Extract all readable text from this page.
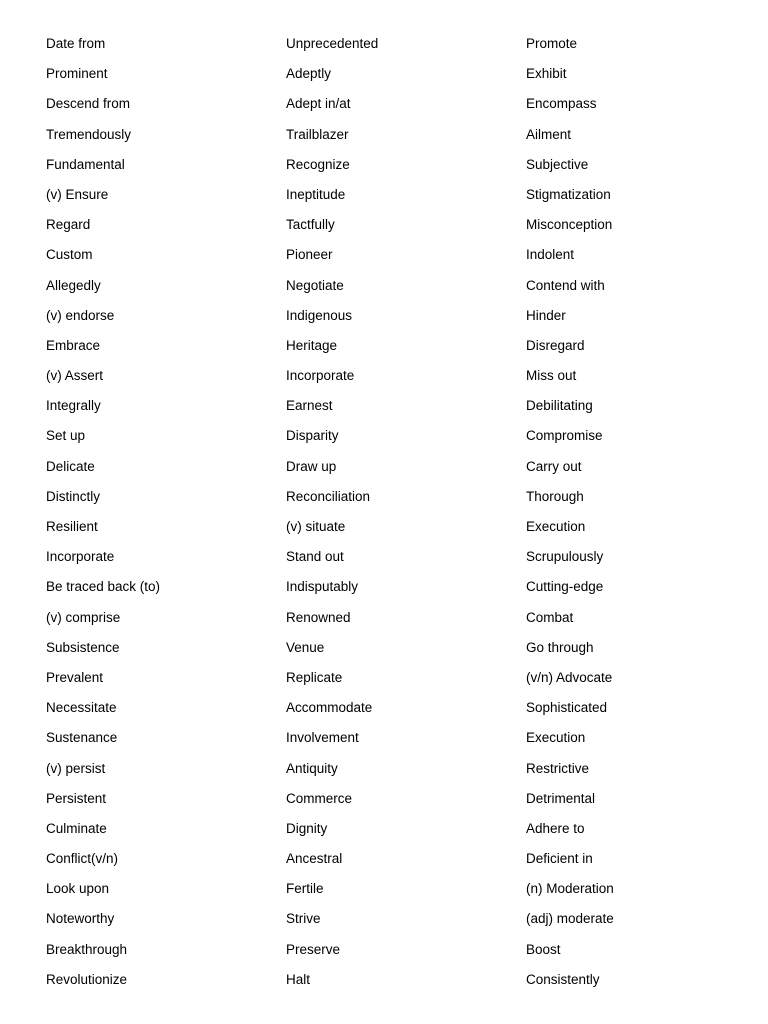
Date from
Prominent
Descend from
Tremendously
Fundamental
(v) Ensure
Regard
Custom
Allegedly
(v) endorse
Embrace
(v) Assert
Integrally
Set up
Delicate
Distinctly
Resilient
Incorporate
Be traced back (to)
(v) comprise
Subsistence
Prevalent
Necessitate
Sustenance
(v) persist
Persistent
Culminate
Conflict(v/n)
Look upon
Noteworthy
Breakthrough
Revolutionize
Unprecedented
Adeptly
Adept in/at
Trailblazer
Recognize
Ineptitude
Tactfully
Pioneer
Negotiate
Indigenous
Heritage
Incorporate
Earnest
Disparity
Draw up
Reconciliation
(v) situate
Stand out
Indisputably
Renowned
Venue
Replicate
Accommodate
Involvement
Antiquity
Commerce
Dignity
Ancestral
Fertile
Strive
Preserve
Halt
Promote
Exhibit
Encompass
Ailment
Subjective
Stigmatization
Misconception
Indolent
Contend with
Hinder
Disregard
Miss out
Debilitating
Compromise
Carry out
Thorough
Execution
Scrupulously
Cutting-edge
Combat
Go through
(v/n) Advocate
Sophisticated
Execution
Restrictive
Detrimental
Adhere to
Deficient in
(n) Moderation
(adj) moderate
Boost
Consistently
